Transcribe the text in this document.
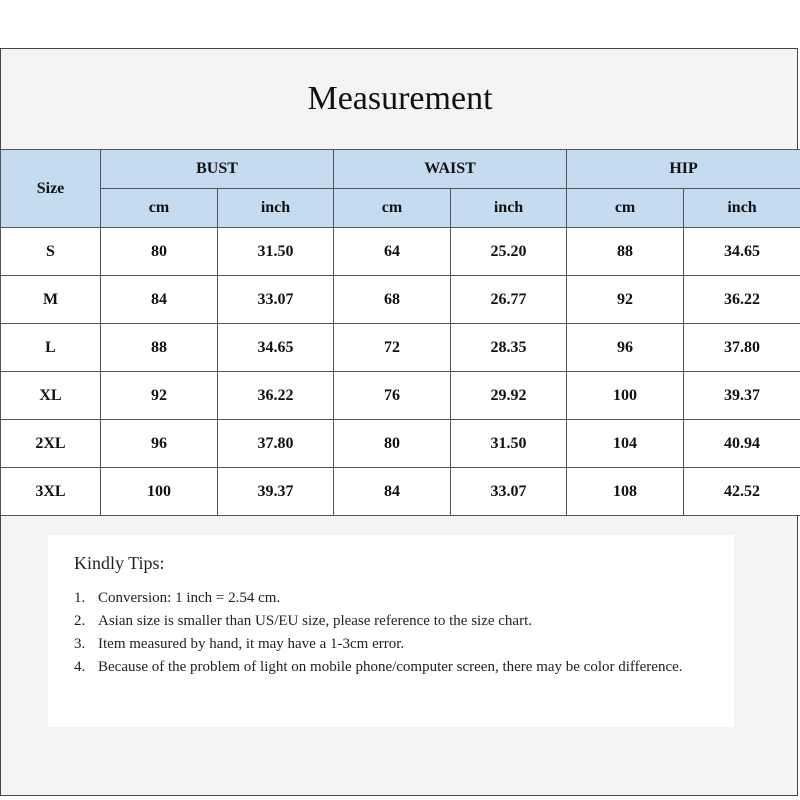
Measurement
Size	BUST		WAIST		HIP	
	cm	inch	cm	inch	cm	inch
S	80	31.50	64	25.20	88	34.65
M	84	33.07	68	26.77	92	36.22
L	88	34.65	72	28.35	96	37.80
XL	92	36.22	76	29.92	100	39.37
2XL	96	37.80	80	31.50	104	40.94
3XL	100	39.37	84	33.07	108	42.52
Kindly Tips:
1. Conversion: 1 inch = 2.54 cm.
2. Asian size is smaller than US/EU size, please reference to the size chart.
3. Item measured by hand, it may have a 1-3cm error.
4. Because of the problem of light on mobile phone/computer screen, there may be color difference.
